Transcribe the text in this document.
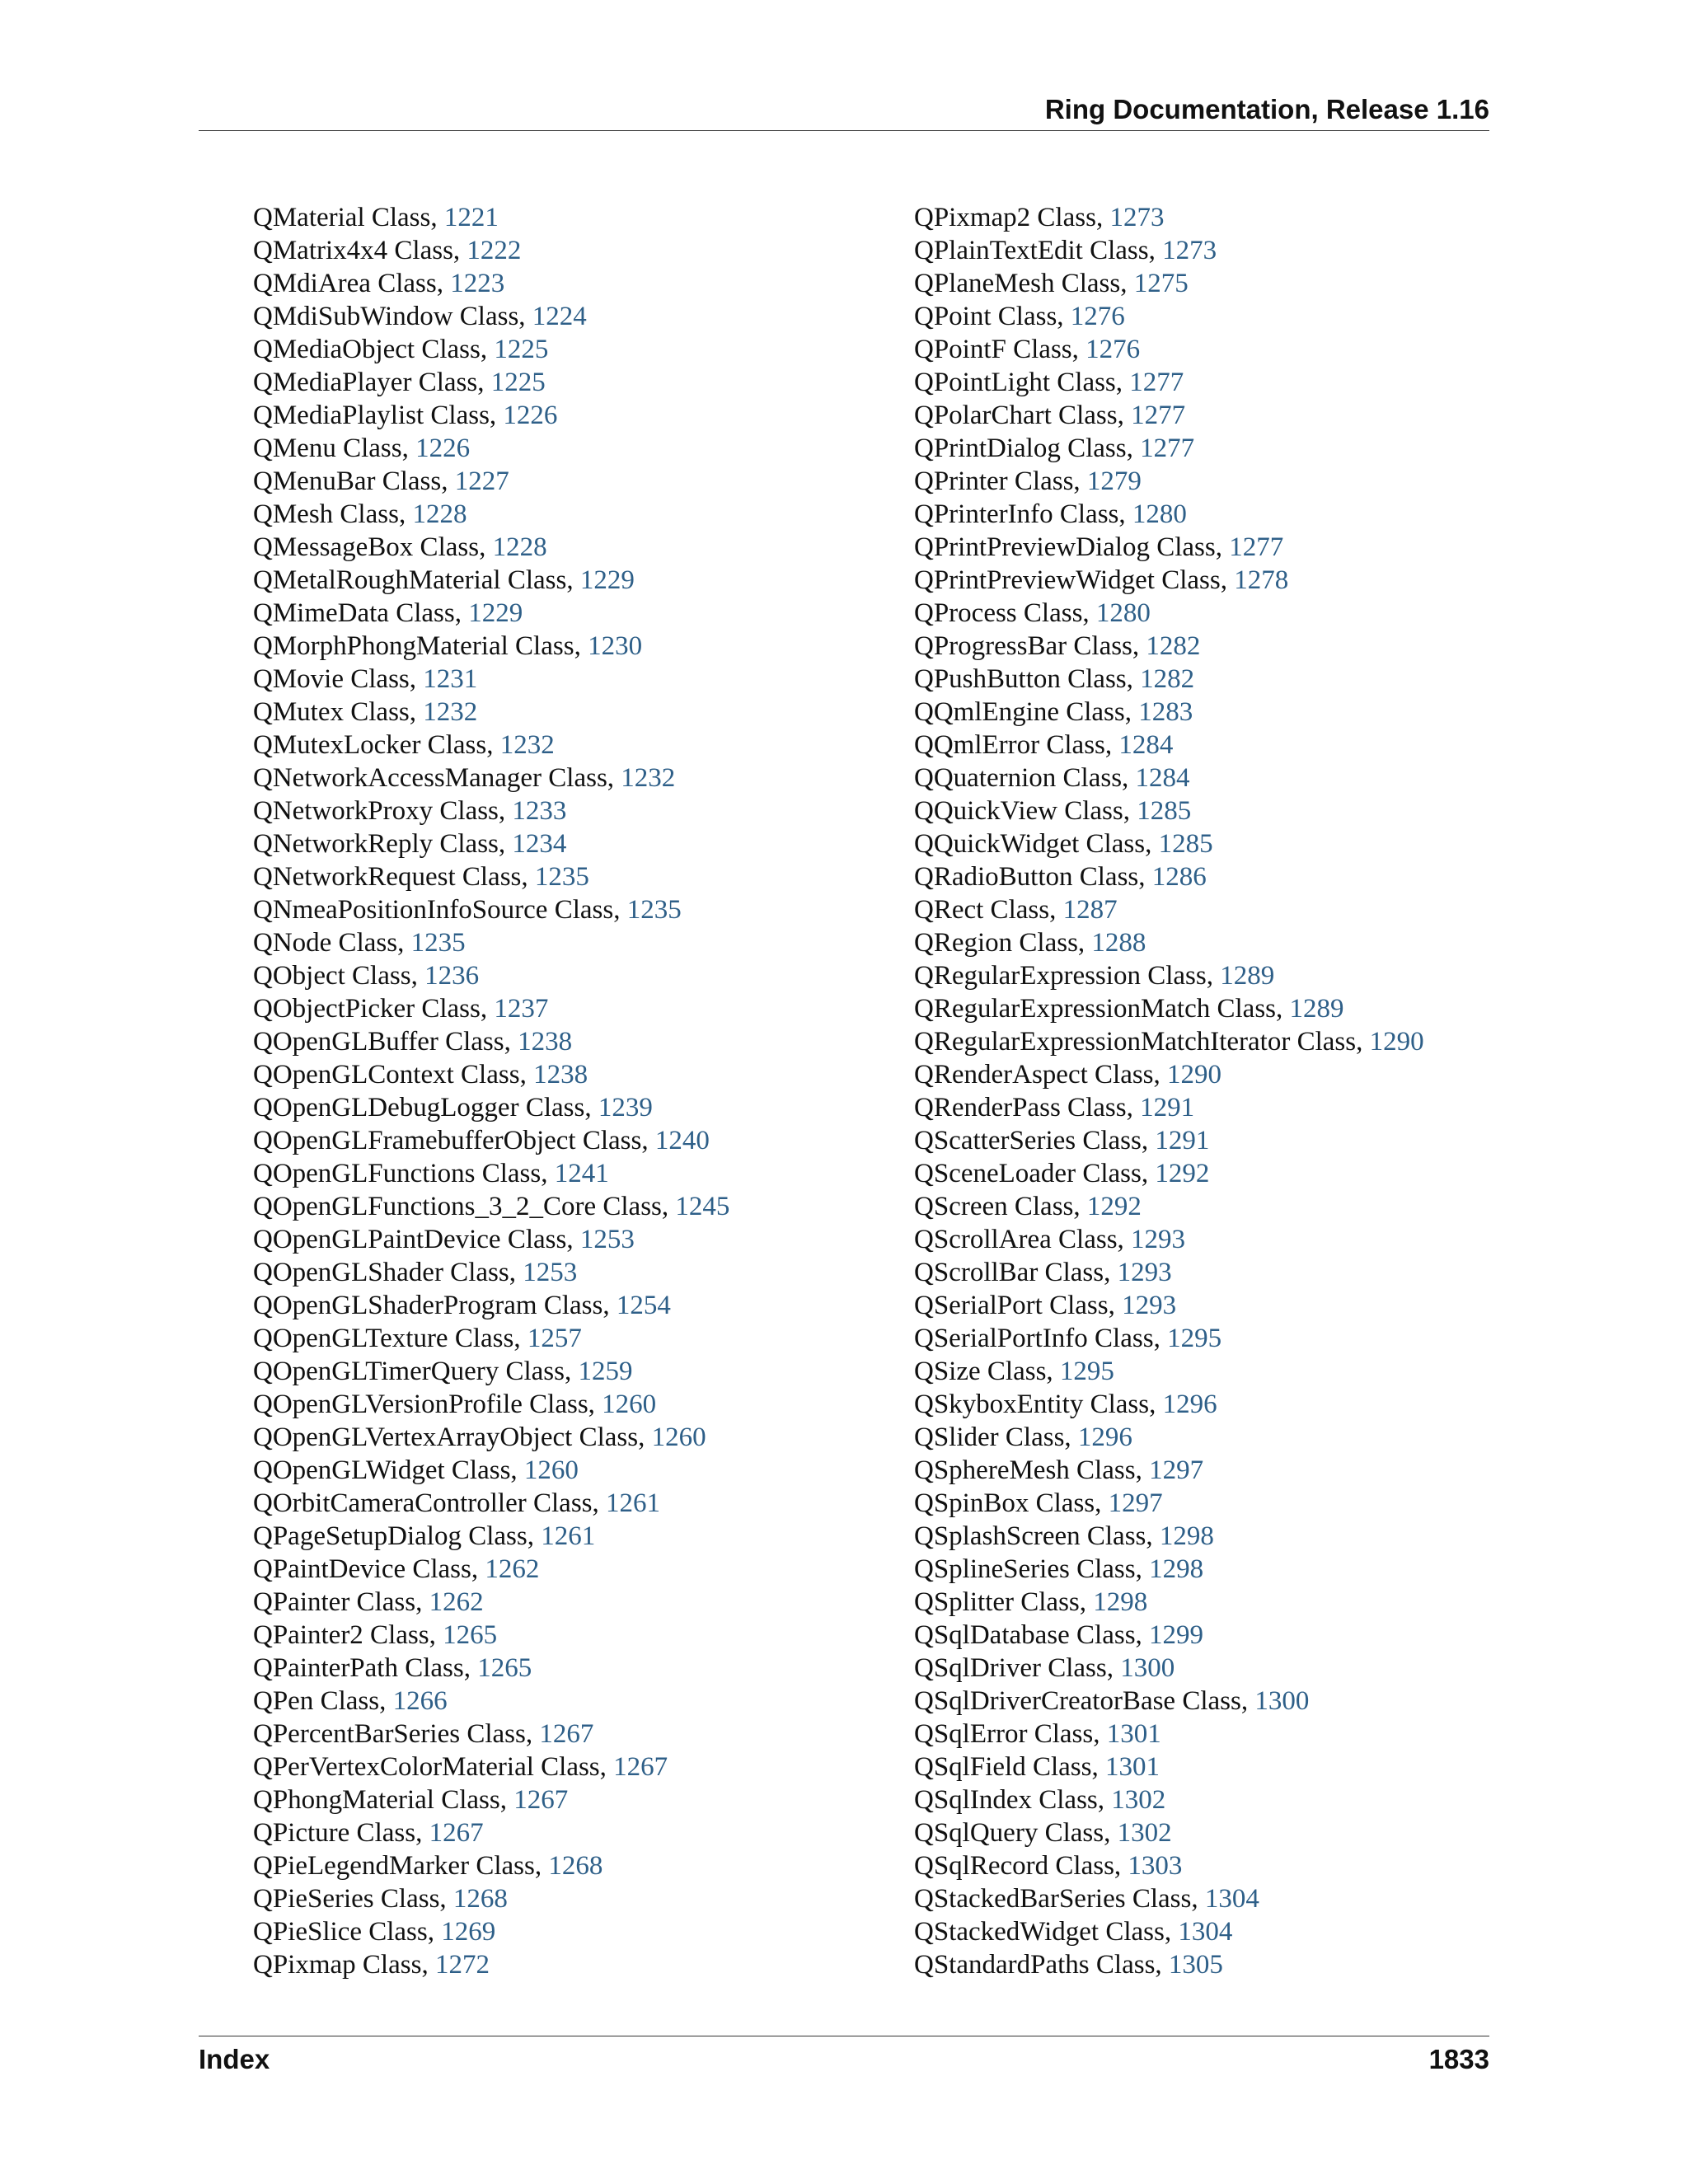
Ring Documentation, Release 1.16
QMaterial Class, 1221
QMatrix4x4 Class, 1222
QMdiArea Class, 1223
QMdiSubWindow Class, 1224
QMediaObject Class, 1225
QMediaPlayer Class, 1225
QMediaPlaylist Class, 1226
QMenu Class, 1226
QMenuBar Class, 1227
QMesh Class, 1228
QMessageBox Class, 1228
QMetalRoughMaterial Class, 1229
QMimeData Class, 1229
QMorphPhongMaterial Class, 1230
QMovie Class, 1231
QMutex Class, 1232
QMutexLocker Class, 1232
QNetworkAccessManager Class, 1232
QNetworkProxy Class, 1233
QNetworkReply Class, 1234
QNetworkRequest Class, 1235
QNmeaPositionInfoSource Class, 1235
QNode Class, 1235
QObject Class, 1236
QObjectPicker Class, 1237
QOpenGLBuffer Class, 1238
QOpenGLContext Class, 1238
QOpenGLDebugLogger Class, 1239
QOpenGLFramebufferObject Class, 1240
QOpenGLFunctions Class, 1241
QOpenGLFunctions_3_2_Core Class, 1245
QOpenGLPaintDevice Class, 1253
QOpenGLShader Class, 1253
QOpenGLShaderProgram Class, 1254
QOpenGLTexture Class, 1257
QOpenGLTimerQuery Class, 1259
QOpenGLVersionProfile Class, 1260
QOpenGLVertexArrayObject Class, 1260
QOpenGLWidget Class, 1260
QOrbitCameraController Class, 1261
QPageSetupDialog Class, 1261
QPaintDevice Class, 1262
QPainter Class, 1262
QPainter2 Class, 1265
QPainterPath Class, 1265
QPen Class, 1266
QPercentBarSeries Class, 1267
QPerVertexColorMaterial Class, 1267
QPhongMaterial Class, 1267
QPicture Class, 1267
QPieLegendMarker Class, 1268
QPieSeries Class, 1268
QPieSlice Class, 1269
QPixmap Class, 1272
QPixmap2 Class, 1273
QPlainTextEdit Class, 1273
QPlaneMesh Class, 1275
QPoint Class, 1276
QPointF Class, 1276
QPointLight Class, 1277
QPolarChart Class, 1277
QPrintDialog Class, 1277
QPrinter Class, 1279
QPrinterInfo Class, 1280
QPrintPreviewDialog Class, 1277
QPrintPreviewWidget Class, 1278
QProcess Class, 1280
QProgressBar Class, 1282
QPushButton Class, 1282
QQmlEngine Class, 1283
QQmlError Class, 1284
QQuaternion Class, 1284
QQuickView Class, 1285
QQuickWidget Class, 1285
QRadioButton Class, 1286
QRect Class, 1287
QRegion Class, 1288
QRegularExpression Class, 1289
QRegularExpressionMatch Class, 1289
QRegularExpressionMatchIterator Class, 1290
QRenderAspect Class, 1290
QRenderPass Class, 1291
QScatterSeries Class, 1291
QSceneLoader Class, 1292
QScreen Class, 1292
QScrollArea Class, 1293
QScrollBar Class, 1293
QSerialPort Class, 1293
QSerialPortInfo Class, 1295
QSize Class, 1295
QSkyboxEntity Class, 1296
QSlider Class, 1296
QSphereMesh Class, 1297
QSpinBox Class, 1297
QSplashScreen Class, 1298
QSplineSeries Class, 1298
QSplitter Class, 1298
QSqlDatabase Class, 1299
QSqlDriver Class, 1300
QSqlDriverCreatorBase Class, 1300
QSqlError Class, 1301
QSqlField Class, 1301
QSqlIndex Class, 1302
QSqlQuery Class, 1302
QSqlRecord Class, 1303
QStackedBarSeries Class, 1304
QStackedWidget Class, 1304
QStandardPaths Class, 1305
Index	1833
